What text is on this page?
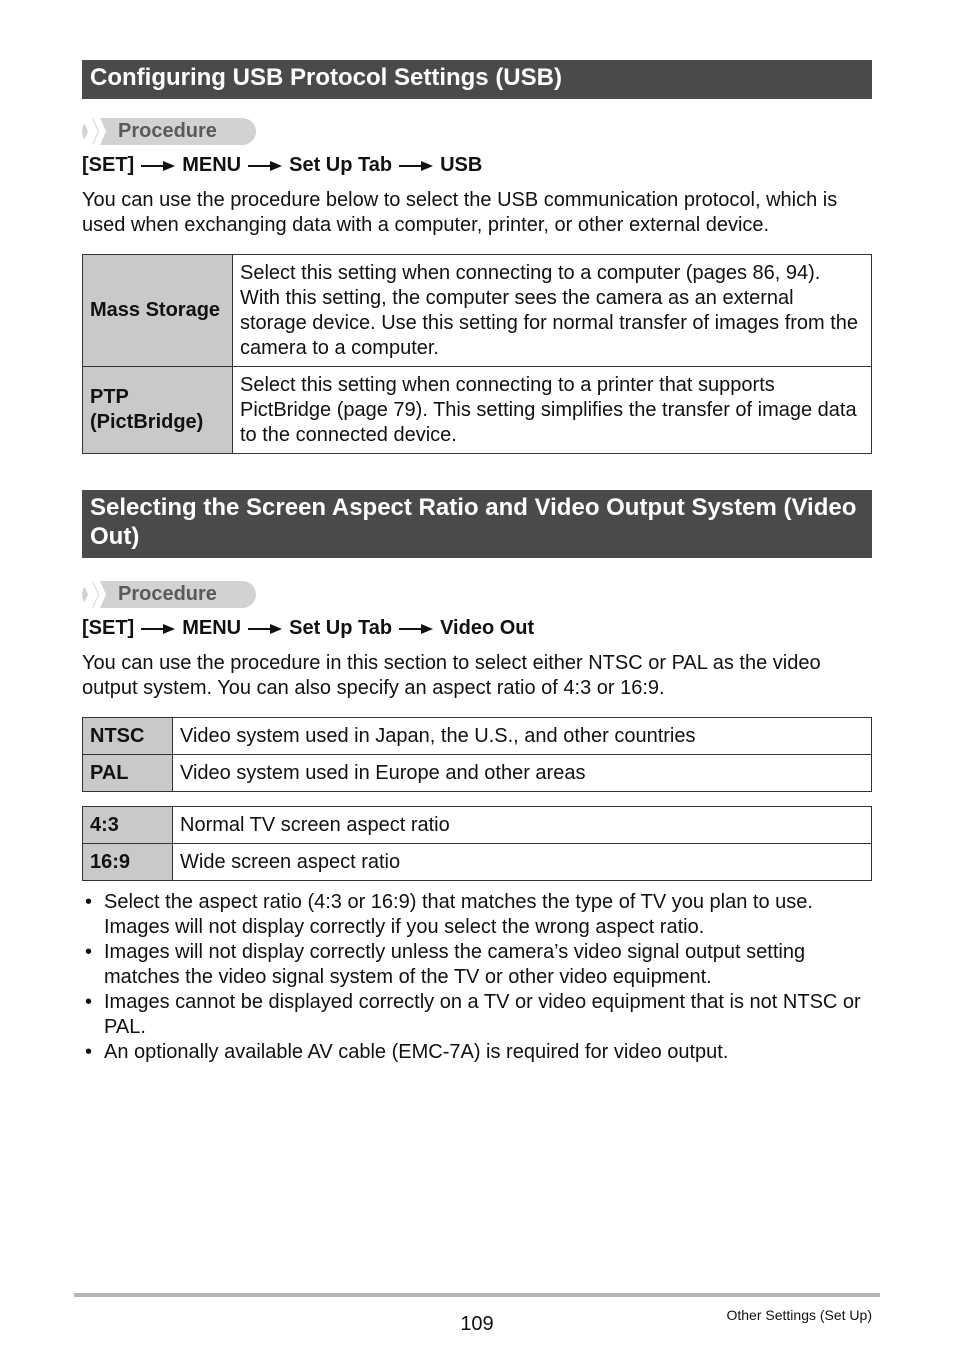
Configuring USB Protocol Settings (USB)
Procedure
[SET] MENU Set Up Tab USB
You can use the procedure below to select the USB communication protocol, which is used when exchanging data with a computer, printer, or other external device.
Mass Storage	Select this setting when connecting to a computer (pages 86, 94). With this setting, the computer sees the camera as an external storage device. Use this setting for normal transfer of images from the camera to a computer.
PTP (PictBridge)	Select this setting when connecting to a printer that supports PictBridge (page 79). This setting simplifies the transfer of image data to the connected device.
Selecting the Screen Aspect Ratio and Video Output System (Video Out)
Procedure
[SET] MENU Set Up Tab Video Out
You can use the procedure in this section to select either NTSC or PAL as the video output system. You can also specify an aspect ratio of 4:3 or 16:9.
NTSC	Video system used in Japan, the U.S., and other countries
PAL	Video system used in Europe and other areas
4:3	Normal TV screen aspect ratio
16:9	Wide screen aspect ratio
• Select the aspect ratio (4:3 or 16:9) that matches the type of TV you plan to use. Images will not display correctly if you select the wrong aspect ratio.
• Images will not display correctly unless the camera’s video signal output setting matches the video signal system of the TV or other video equipment.
• Images cannot be displayed correctly on a TV or video equipment that is not NTSC or PAL.
• An optionally available AV cable (EMC-7A) is required for video output.
109	Other Settings (Set Up)
